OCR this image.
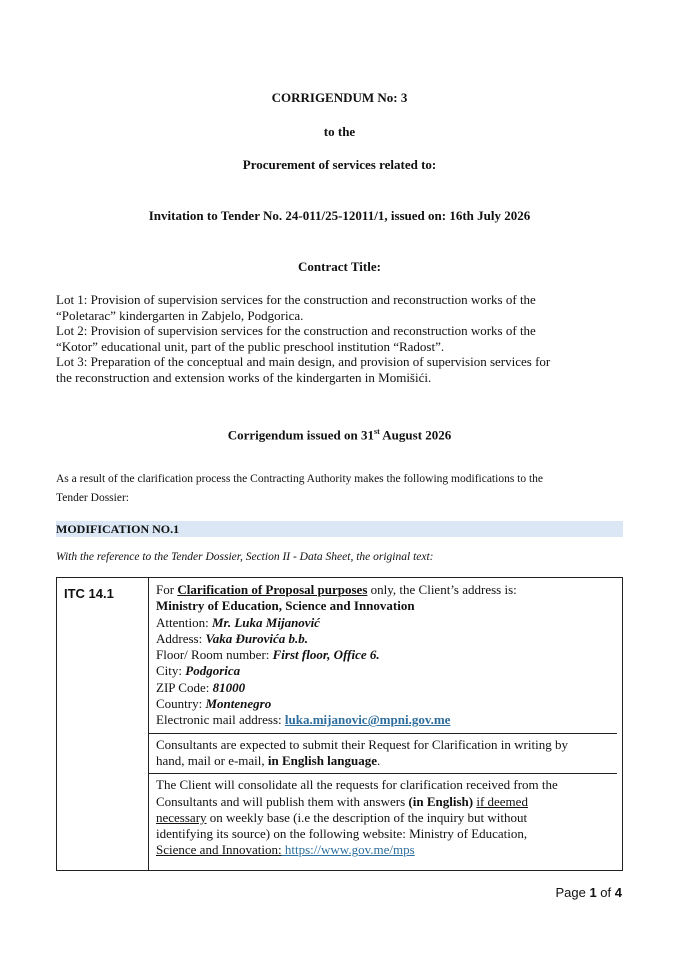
CORRIGENDUM No: 3
to the
Procurement of services related to:
Invitation to Tender No. 24-011/25-12011/1, issued on: 16th July 2026
Contract Title:

Lot 1: Provision of supervision services for the construction and reconstruction works of the

“Poletarac” kindergarten in Zabjelo, Podgorica.

Lot 2: Provision of supervision services for the construction and reconstruction works of the

“Kotor” educational unit, part of the public preschool institution “Radost”.

Lot 3: Preparation of the conceptual and main design, and provision of supervision services for

the reconstruction and extension works of the kindergarten in Momišići.

Corrigendum issued on 31st August 2026
As a result of the clarification process the Contracting Authority makes the following modifications to the
Tender Dossier:
MODIFICATION NO.1
With the reference to the Tender Dossier, Section II - Data Sheet, the original text:
ITC 14.1	For Clarification of Proposal purposes only, the Client’s address is:
Ministry of Education, Science and Innovation
Attention: Mr. Luka Mijanović
Address: Vaka Đurovića b.b.
Floor/ Room number: First floor, Office 6.
City: Podgorica
ZIP Code: 81000
Country: Montenegro
Electronic mail address: luka.mijanovic@mpni.gov.me
Consultants are expected to submit their Request for Clarification in writing by
hand, mail or e-mail, in English language.
The Client will consolidate all the requests for clarification received from the
Consultants and will publish them with answers (in English) if deemed
necessary on weekly base (i.e the description of the inquiry but without
identifying its source) on the following website: Ministry of Education,
Science and Innovation: https://www.gov.me/mps
Page 1 of 4
